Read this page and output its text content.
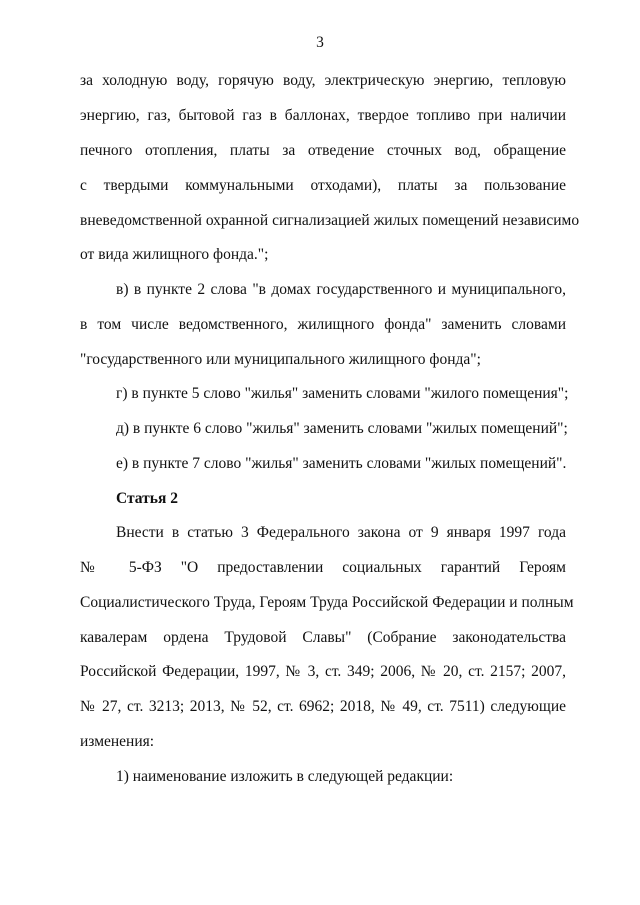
3
за холодную воду, горячую воду, электрическую энергию, тепловую
энергию, газ, бытовой газ в баллонах, твердое топливо при наличии
печного отопления, платы за отведение сточных вод, обращение
с твердыми коммунальными отходами), платы за пользование
вневедомственной охранной сигнализацией жилых помещений независимо
от вида жилищного фонда.";
в) в пункте 2 слова "в домах государственного и муниципального,
в том числе ведомственного, жилищного фонда" заменить словами
"государственного или муниципального жилищного фонда";
г) в пункте 5 слово "жилья" заменить словами "жилого помещения";
д) в пункте 6 слово "жилья" заменить словами "жилых помещений";
е) в пункте 7 слово "жилья" заменить словами "жилых помещений".
Статья 2
Внести в статью 3 Федерального закона от 9 января 1997 года
№ 5-ФЗ "О предоставлении социальных гарантий Героям
Социалистического Труда, Героям Труда Российской Федерации и полным
кавалерам ордена Трудовой Славы" (Собрание законодательства
Российской Федерации, 1997, № 3, ст. 349; 2006, № 20, ст. 2157; 2007,
№ 27, ст. 3213; 2013, № 52, ст. 6962; 2018, № 49, ст. 7511) следующие
изменения:
1) наименование изложить в следующей редакции:
